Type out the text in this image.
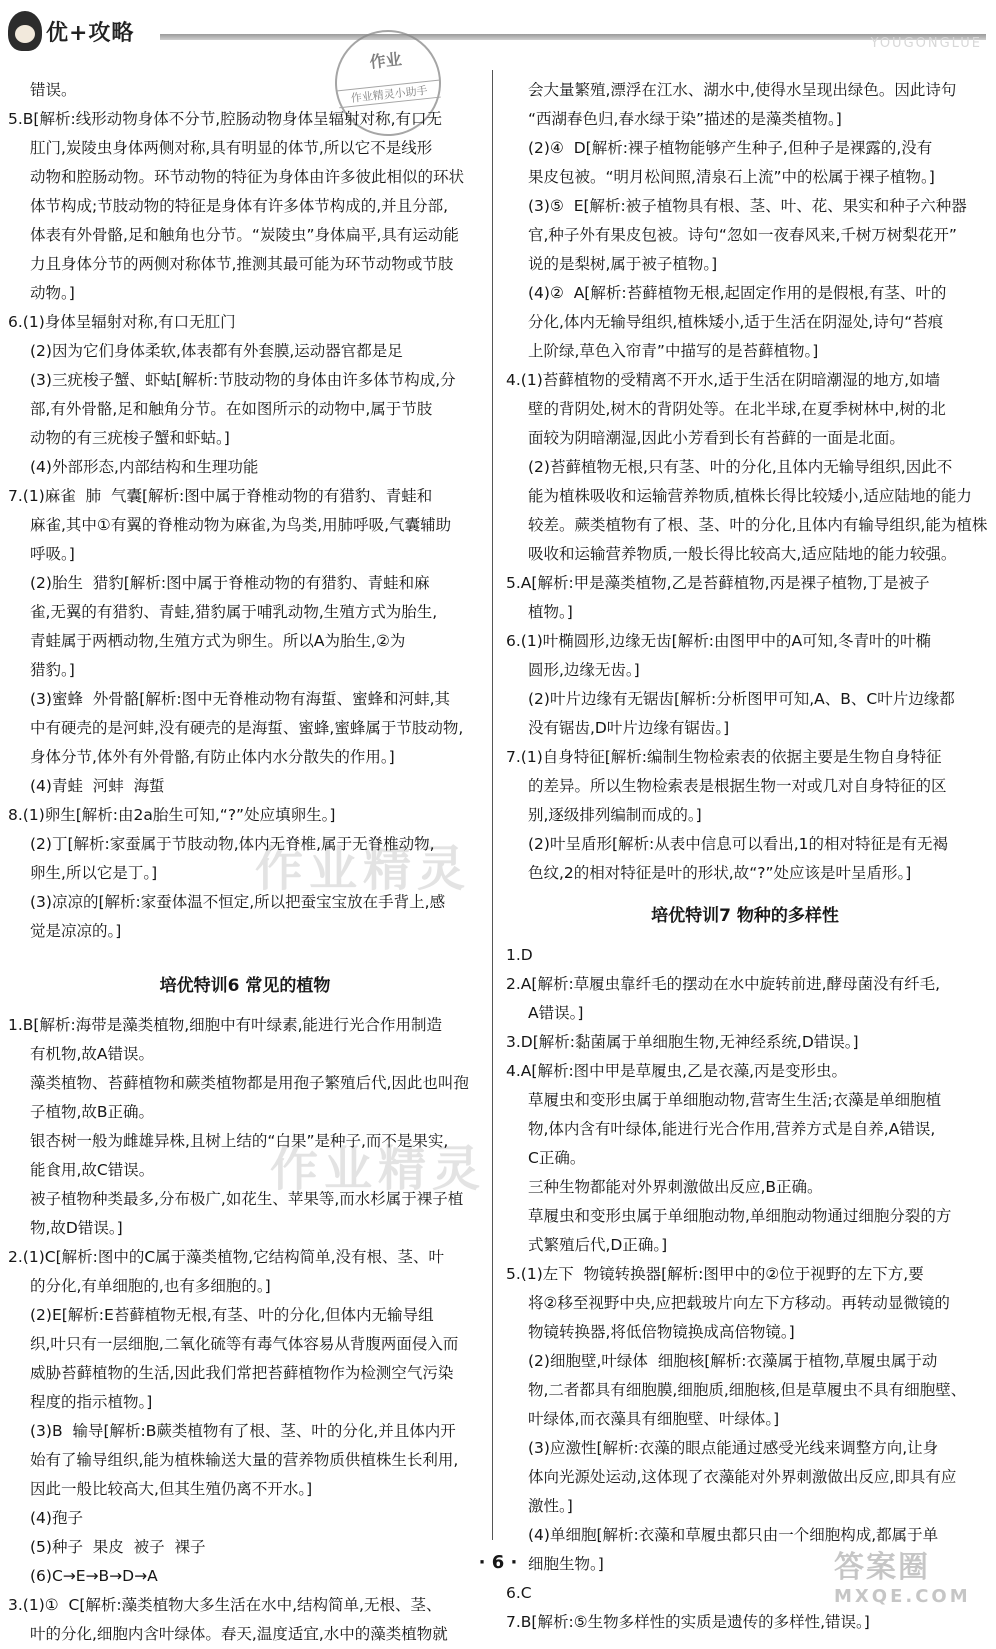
优+攻略	YOUGONGLUE
作业
作业精灵小助手
作业精灵
作业精灵
错误。
5.B[解析:线形动物身体不分节,腔肠动物身体呈辐射对称,有口无
肛门,炭陵虫身体两侧对称,具有明显的体节,所以它不是线形
动物和腔肠动物。环节动物的特征为身体由许多彼此相似的环状
体节构成;节肢动物的特征是身体有许多体节构成的,并且分部,
体表有外骨骼,足和触角也分节。“炭陵虫”身体扁平,具有运动能
力且身体分节的两侧对称体节,推测其最可能为环节动物或节肢
动物。]
6.(1)身体呈辐射对称,有口无肛门
(2)因为它们身体柔软,体表都有外套膜,运动器官都是足
(3)三疣梭子蟹、虾蛄[解析:节肢动物的身体由许多体节构成,分
部,有外骨骼,足和触角分节。在如图所示的动物中,属于节肢
动物的有三疣梭子蟹和虾蛄。]
(4)外部形态,内部结构和生理功能
7.(1)麻雀  肺  气囊[解析:图中属于脊椎动物的有猎豹、青蛙和
麻雀,其中①有翼的脊椎动物为麻雀,为鸟类,用肺呼吸,气囊辅助
呼吸。]
(2)胎生  猎豹[解析:图中属于脊椎动物的有猎豹、青蛙和麻
雀,无翼的有猎豹、青蛙,猎豹属于哺乳动物,生殖方式为胎生,
青蛙属于两栖动物,生殖方式为卵生。所以A为胎生,②为
猎豹。]
(3)蜜蜂  外骨骼[解析:图中无脊椎动物有海蜇、蜜蜂和河蚌,其
中有硬壳的是河蚌,没有硬壳的是海蜇、蜜蜂,蜜蜂属于节肢动物,
身体分节,体外有外骨骼,有防止体内水分散失的作用。]
(4)青蛙  河蚌  海蜇
8.(1)卵生[解析:由2a胎生可知,“?”处应填卵生。]
(2)丁[解析:家蚕属于节肢动物,体内无脊椎,属于无脊椎动物,
卵生,所以它是丁。]
(3)凉凉的[解析:家蚕体温不恒定,所以把蚕宝宝放在手背上,感
觉是凉凉的。]
培优特训6 常见的植物
1.B[解析:海带是藻类植物,细胞中有叶绿素,能进行光合作用制造
有机物,故A错误。
藻类植物、苔藓植物和蕨类植物都是用孢子繁殖后代,因此也叫孢
子植物,故B正确。
银杏树一般为雌雄异株,且树上结的“白果”是种子,而不是果实,
能食用,故C错误。
被子植物种类最多,分布极广,如花生、苹果等,而水杉属于裸子植
物,故D错误。]
2.(1)C[解析:图中的C属于藻类植物,它结构简单,没有根、茎、叶
的分化,有单细胞的,也有多细胞的。]
(2)E[解析:E苔藓植物无根,有茎、叶的分化,但体内无输导组
织,叶只有一层细胞,二氧化硫等有毒气体容易从背腹两面侵入而
威胁苔藓植物的生活,因此我们常把苔藓植物作为检测空气污染
程度的指示植物。]
(3)B  输导[解析:B蕨类植物有了根、茎、叶的分化,并且体内开
始有了输导组织,能为植株输送大量的营养物质供植株生长利用,
因此一般比较高大,但其生殖仍离不开水。]
(4)孢子
(5)种子  果皮  被子  裸子
(6)C→E→B→D→A
3.(1)①  C[解析:藻类植物大多生活在水中,结构简单,无根、茎、
叶的分化,细胞内含叶绿体。春天,温度适宜,水中的藻类植物就
会大量繁殖,漂浮在江水、湖水中,使得水呈现出绿色。因此诗句
“西湖春色归,春水绿于染”描述的是藻类植物。]
(2)④  D[解析:裸子植物能够产生种子,但种子是裸露的,没有
果皮包被。“明月松间照,清泉石上流”中的松属于裸子植物。]
(3)⑤  E[解析:被子植物具有根、茎、叶、花、果实和种子六种器
官,种子外有果皮包被。诗句“忽如一夜春风来,千树万树梨花开”
说的是梨树,属于被子植物。]
(4)②  A[解析:苔藓植物无根,起固定作用的是假根,有茎、叶的
分化,体内无输导组织,植株矮小,适于生活在阴湿处,诗句“苔痕
上阶绿,草色入帘青”中描写的是苔藓植物。]
4.(1)苔藓植物的受精离不开水,适于生活在阴暗潮湿的地方,如墙
壁的背阴处,树木的背阴处等。在北半球,在夏季树林中,树的北
面较为阴暗潮湿,因此小芳看到长有苔藓的一面是北面。
(2)苔藓植物无根,只有茎、叶的分化,且体内无输导组织,因此不
能为植株吸收和运输营养物质,植株长得比较矮小,适应陆地的能力
较差。蕨类植物有了根、茎、叶的分化,且体内有输导组织,能为植株
吸收和运输营养物质,一般长得比较高大,适应陆地的能力较强。
5.A[解析:甲是藻类植物,乙是苔藓植物,丙是裸子植物,丁是被子
植物。]
6.(1)叶椭圆形,边缘无齿[解析:由图甲中的A可知,冬青叶的叶椭
圆形,边缘无齿。]
(2)叶片边缘有无锯齿[解析:分析图甲可知,A、B、C叶片边缘都
没有锯齿,D叶片边缘有锯齿。]
7.(1)自身特征[解析:编制生物检索表的依据主要是生物自身特征
的差异。所以生物检索表是根据生物一对或几对自身特征的区
别,逐级排列编制而成的。]
(2)叶呈盾形[解析:从表中信息可以看出,1的相对特征是有无褐
色纹,2的相对特征是叶的形状,故“?”处应该是叶呈盾形。]
培优特训7 物种的多样性
1.D
2.A[解析:草履虫靠纤毛的摆动在水中旋转前进,酵母菌没有纤毛,
A错误。]
3.D[解析:黏菌属于单细胞生物,无神经系统,D错误。]
4.A[解析:图中甲是草履虫,乙是衣藻,丙是变形虫。
草履虫和变形虫属于单细胞动物,营寄生生活;衣藻是单细胞植
物,体内含有叶绿体,能进行光合作用,营养方式是自养,A错误,
C正确。
三种生物都能对外界刺激做出反应,B正确。
草履虫和变形虫属于单细胞动物,单细胞动物通过细胞分裂的方
式繁殖后代,D正确。]
5.(1)左下  物镜转换器[解析:图甲中的②位于视野的左下方,要
将②移至视野中央,应把载玻片向左下方移动。再转动显微镜的
物镜转换器,将低倍物镜换成高倍物镜。]
(2)细胞壁,叶绿体  细胞核[解析:衣藻属于植物,草履虫属于动
物,二者都具有细胞膜,细胞质,细胞核,但是草履虫不具有细胞壁、
叶绿体,而衣藻具有细胞壁、叶绿体。]
(3)应激性[解析:衣藻的眼点能通过感受光线来调整方向,让身
体向光源处运动,这体现了衣藻能对外界刺激做出反应,即具有应
激性。]
(4)单细胞[解析:衣藻和草履虫都只由一个细胞构成,都属于单
细胞生物。]
6.C
7.B[解析:⑤生物多样性的实质是遗传的多样性,错误。]
· 6 ·	答案圈
MXQE.COM
